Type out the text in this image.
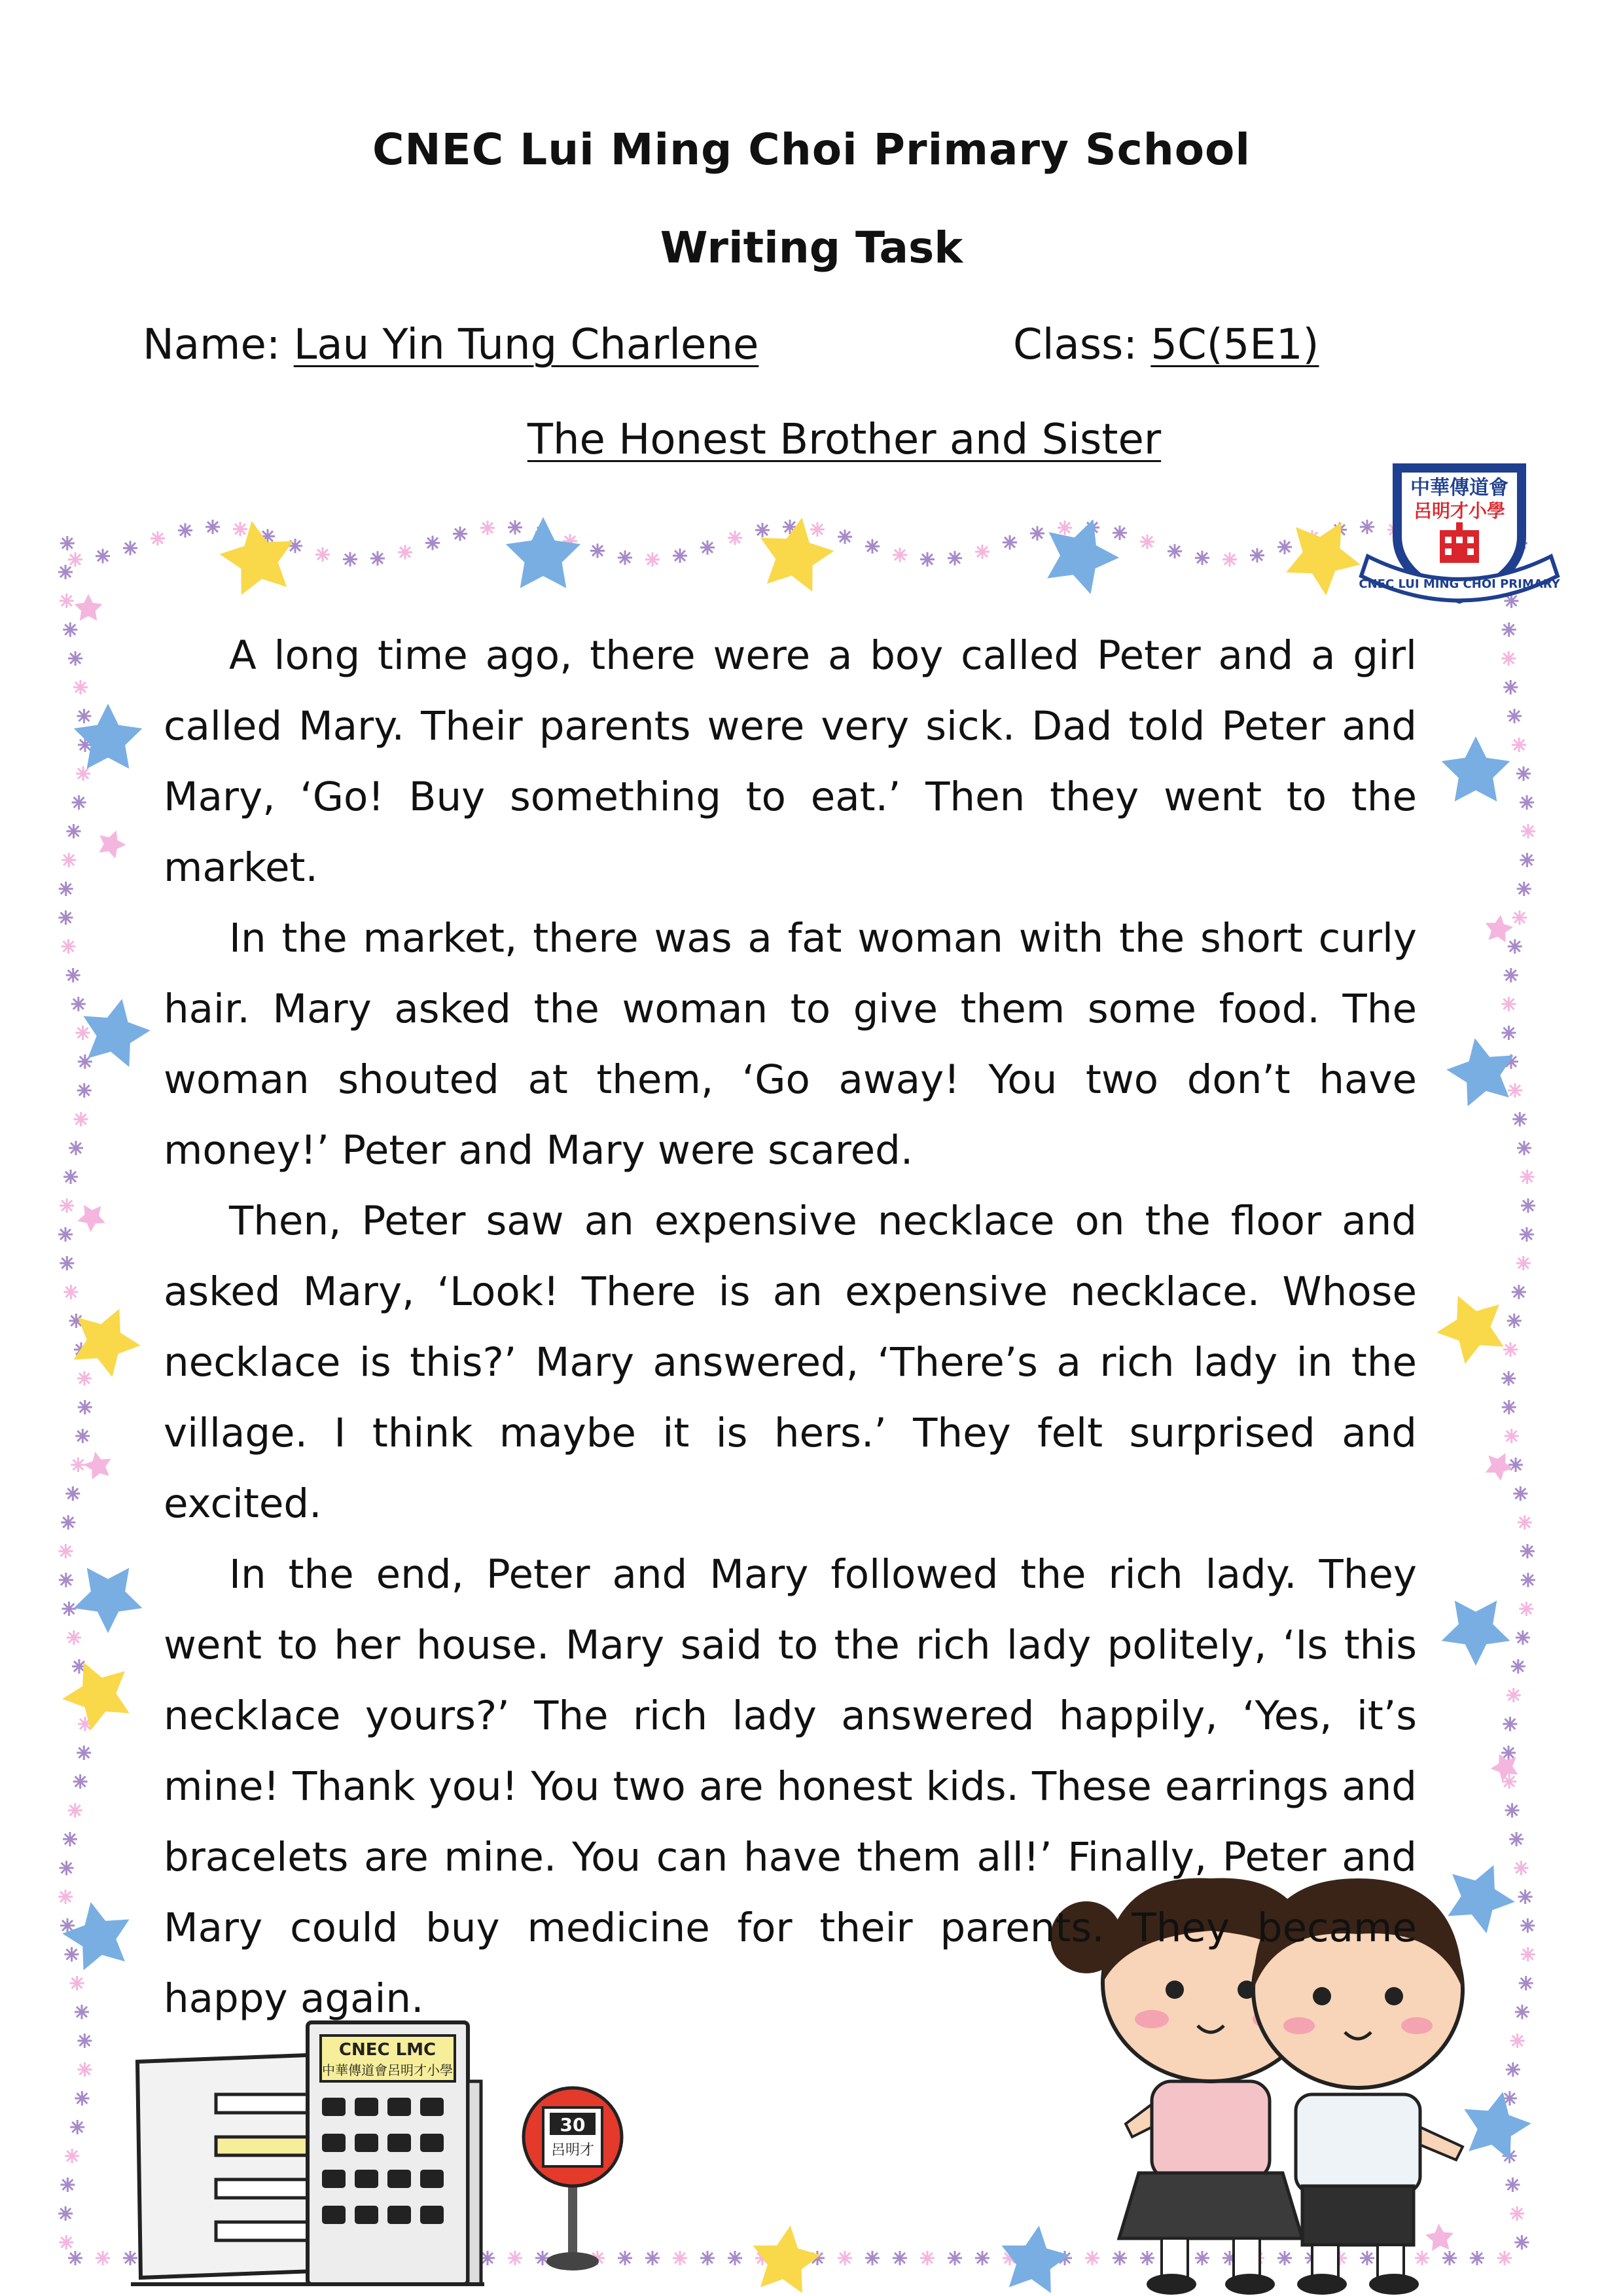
CNEC Lui Ming Choi Primary School
Writing Task
Name: Lau Yin Tung Charlene	Class: 5C(5E1)
The Honest Brother and Sister
中華傳道會
呂明才小學
CNEC LUI MING CHOI PRIMARY
CNEC LMC
中華傳道會呂明才小學
30
呂明才

A long time ago, there were a boy called Peter and a girl called Mary. Their parents were very sick. Dad told Peter and Mary, ‘Go! Buy something to eat.’ Then they went to the market.

In the market, there was a fat woman with the short curly hair. Mary asked the woman to give them some food. The woman shouted at them, ‘Go away! You two don’t have money!’ Peter and Mary were scared.

Then, Peter saw an expensive necklace on the floor and asked Mary, ‘Look! There is an expensive necklace. Whose necklace is this?’ Mary answered, ‘There’s a rich lady in the village. I think maybe it is hers.’ They felt surprised and excited.

In the end, Peter and Mary followed the rich lady. They went to her house. Mary said to the rich lady politely, ‘Is this necklace yours?’ The rich lady answered happily, ‘Yes, it’s mine! Thank you! You two are honest kids. These earrings and bracelets are mine. You can have them all!’ Finally, Peter and Mary could buy medicine for their parents. They became happy again.
